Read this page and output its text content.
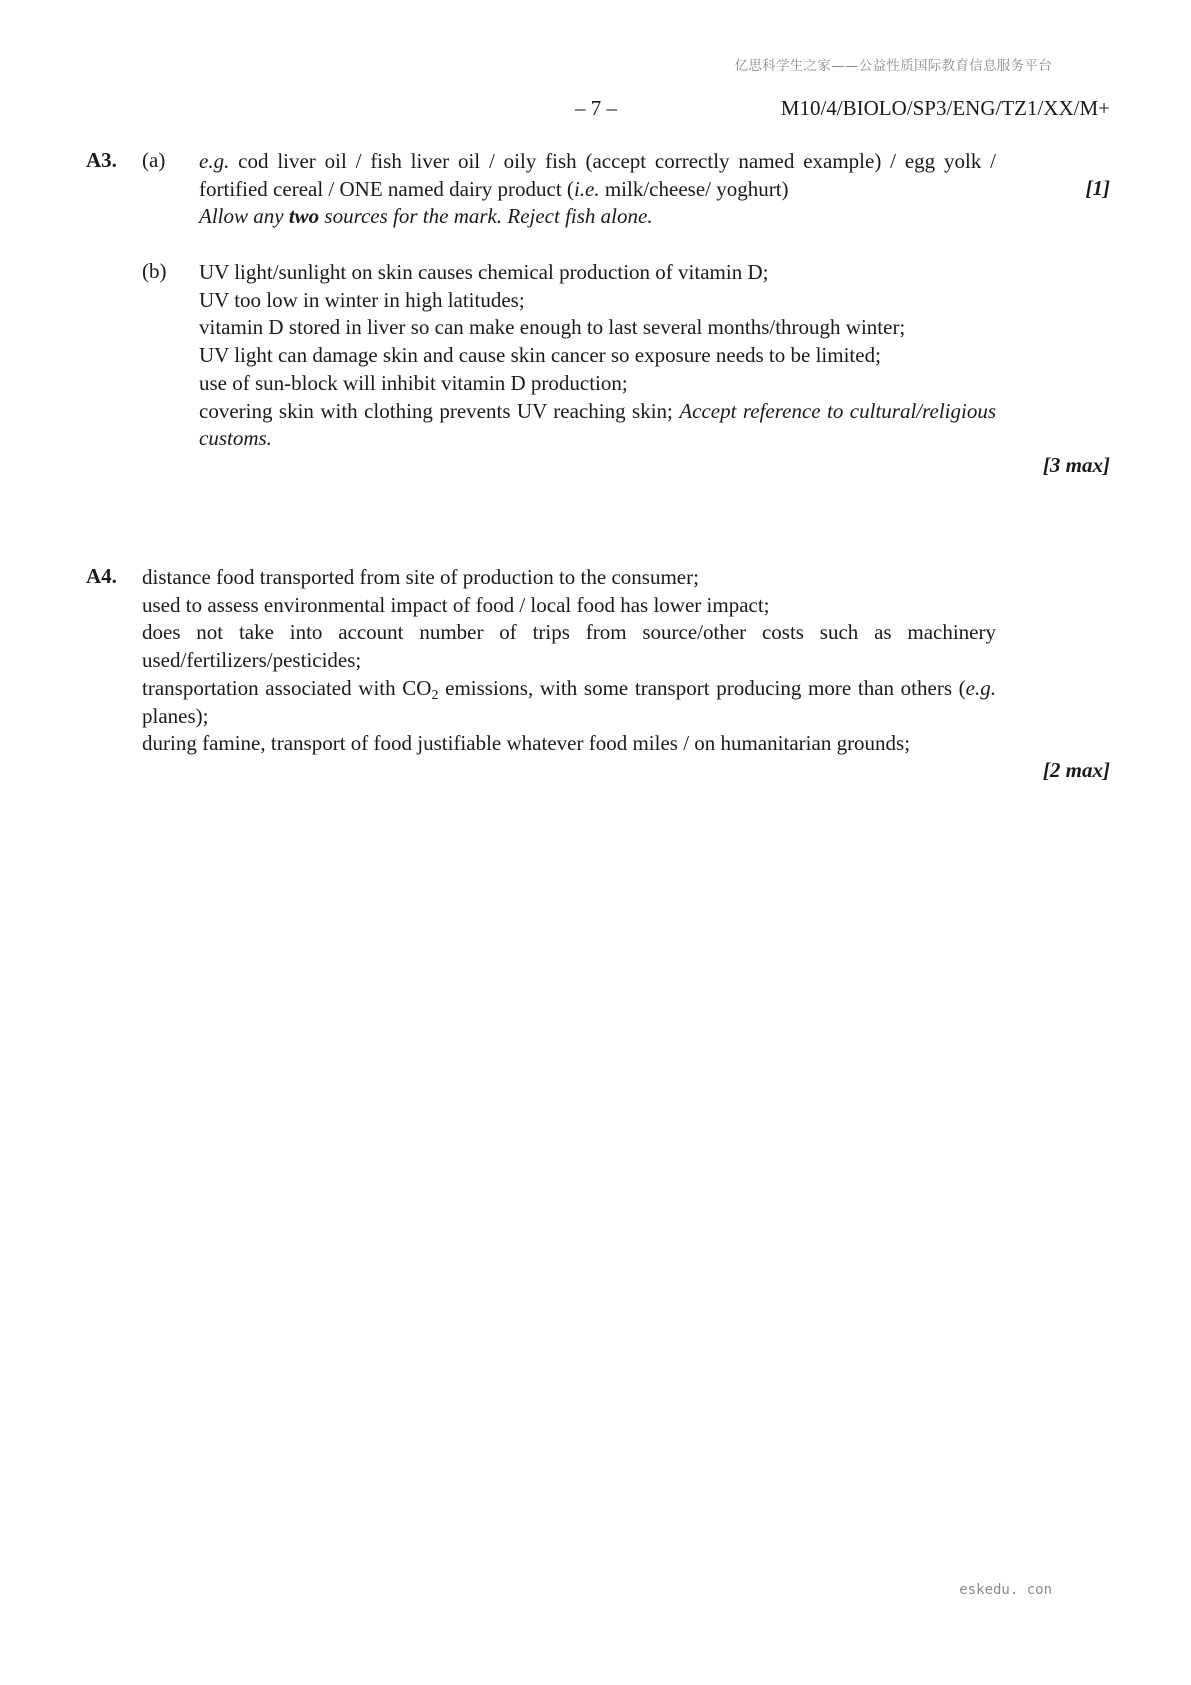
亿思科学生之家——公益性质国际教育信息服务平台
– 7 –	M10/4/BIOLO/SP3/ENG/TZ1/XX/M+
A3. (a) e.g. cod liver oil / fish liver oil / oily fish (accept correctly named example) / egg yolk / fortified cereal / ONE named dairy product (i.e. milk/cheese/ yoghurt)

Allow any two sources for the mark. Reject fish alone.

[1]
(b) UV light/sunlight on skin causes chemical production of vitamin D;

UV too low in winter in high latitudes;

vitamin D stored in liver so can make enough to last several months/through winter;

UV light can damage skin and cause skin cancer so exposure needs to be limited;

use of sun-block will inhibit vitamin D production;

covering skin with clothing prevents UV reaching skin; Accept reference to cultural/religious customs.

[3 max]
A4. distance food transported from site of production to the consumer;

used to assess environmental impact of food / local food has lower impact;

does not take into account number of trips from source/other costs such as machinery used/fertilizers/pesticides;

transportation associated with $CO_2$ emissions, with some transport producing more than others (e.g. planes);

during famine, transport of food justifiable whatever food miles / on humanitarian grounds;

[2 max]
eskedu. con
